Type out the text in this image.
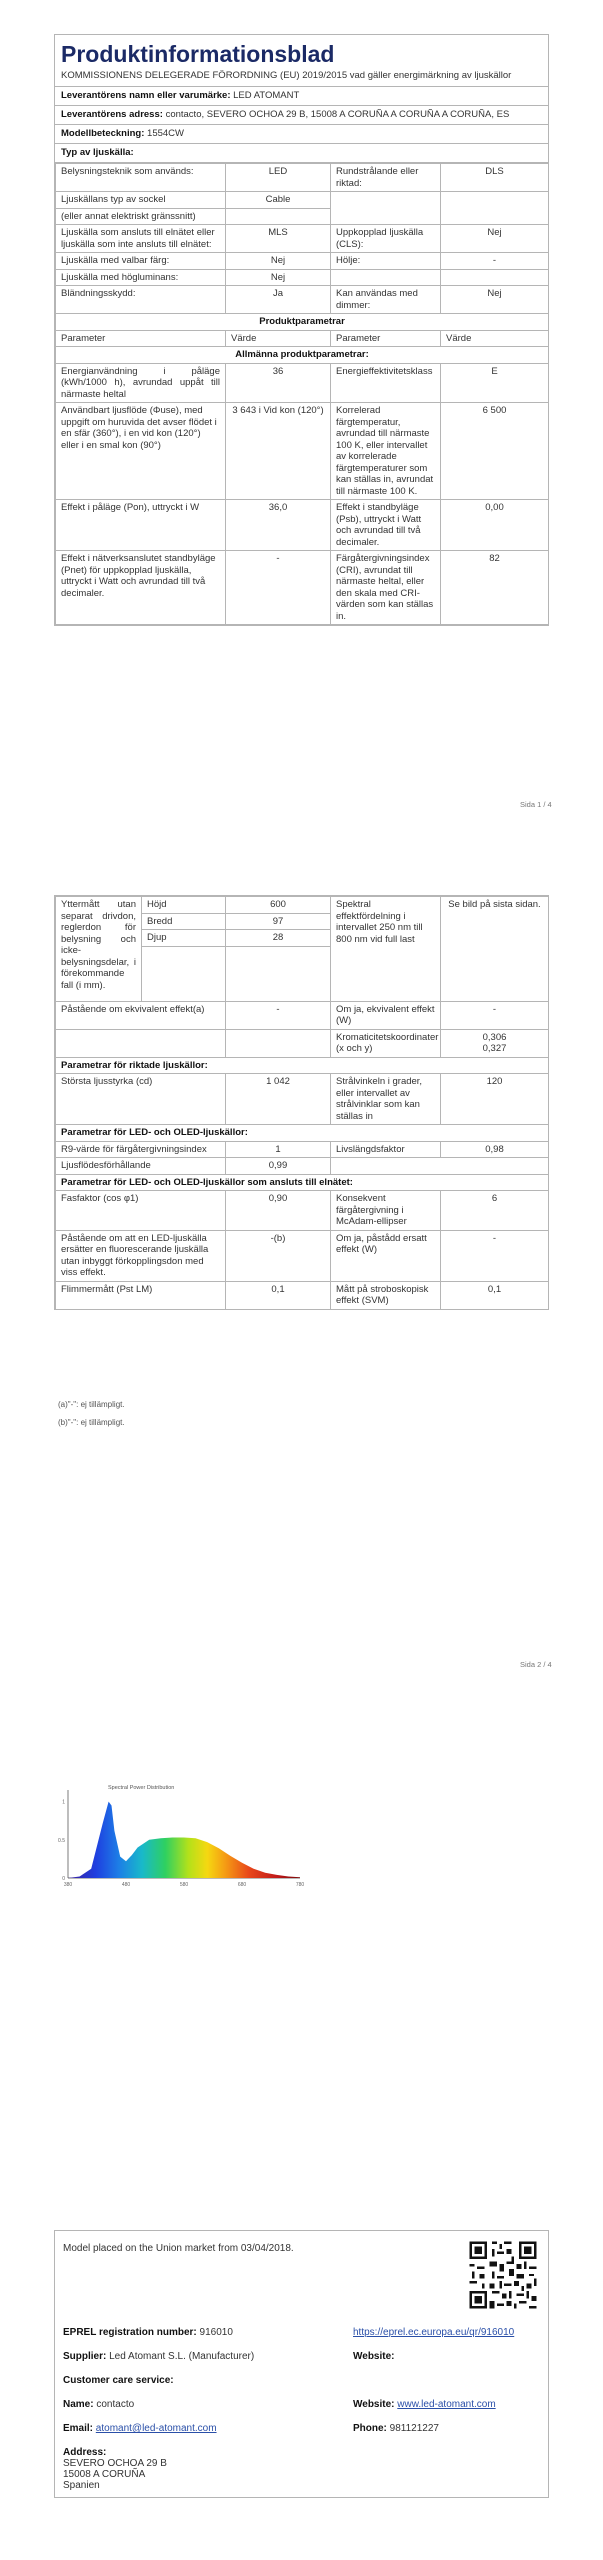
Produktinformationsblad
KOMMISSIONENS DELEGERADE FÖRORDNING (EU) 2019/2015 vad gäller energimärkning av ljuskällor
Leverantörens namn eller varumärke: LED ATOMANT
Leverantörens adress: contacto, SEVERO OCHOA 29 B, 15008 A CORUÑA A CORUÑA A CORUÑA, ES
Modellbeteckning: 1554CW
Typ av ljuskälla:
Belysningsteknik som används:	LED	Rundstrålande eller riktad:	DLS
Ljuskällans typ av sockel	Cable		
(eller annat elektriskt gränssnitt)			
Ljuskälla som ansluts till elnätet eller ljuskälla som inte ansluts till elnätet:	MLS	Uppkopplad ljuskälla (CLS):	Nej
Ljuskälla med valbar färg:	Nej	Hölje:	-
Ljuskälla med högluminans:	Nej		
Bländningsskydd:	Ja	Kan användas med dimmer:	Nej
Produktparametrar			
Parameter	Värde	Parameter	Värde
Allmänna produktparametrar:			
Energianvändning i påläge (kWh/1000 h), avrundad uppåt till närmaste heltal	36	Energieffektivitetsklass	E
Användbart ljusflöde (Φuse), med uppgift om huruvida det avser flödet i en sfär (360°), i en vid kon (120°) eller i en smal kon (90°)	3 643 i Vid kon (120°)	Korrelerad färgtemperatur, avrundad till närmaste 100 K, eller intervallet av korrelerade färgtemperaturer som kan ställas in, avrundat till närmaste 100 K.	6 500
Effekt i påläge (Pon), uttryckt i W	36,0	Effekt i standbyläge (Psb), uttryckt i Watt och avrundad till två decimaler.	0,00
Effekt i nätverksanslutet standbyläge (Pnet) för uppkopplad ljuskälla, uttryckt i Watt och avrundad till två decimaler.	-	Färgåtergivningsindex (CRI), avrundat till närmaste heltal, eller den skala med CRI-värden som kan ställas in.	82
Sida 1 / 4
Yttermått utan separat drivdon, reglerdon för belysning och icke-belysningsdelar, i förekommande fall (i mm).	Höjd	600	Spektral effektfördelning i intervallet 250 nm till 800 nm vid full last	Se bild på sista sidan.
	Bredd	97		
	Djup	28		

Påstående om ekvivalent effekt(a)		-	Om ja, ekvivalent effekt (W)	-
			Kromaticitetskoordinater (x och y)	0,306
0,327
Parametrar för riktade ljuskällor:				
Största ljusstyrka (cd)		1 042	Strålvinkeln i grader, eller intervallet av strålvinklar som kan ställas in	120
Parametrar för LED- och OLED-ljuskällor:				
R9-värde för färgåtergivningsindex		1	Livslängdsfaktor	0,98
Ljusflödesförhållande		0,99		
Parametrar för LED- och OLED-ljuskällor som ansluts till elnätet:				
Fasfaktor (cos φ1)		0,90	Konsekvent färgåtergivning i McAdam-ellipser	6
Påstående om att en LED-ljuskälla ersätter en fluorescerande ljuskälla utan inbyggt förkopplingsdon med viss effekt.		-(b)	Om ja, påstådd ersatt effekt (W)	-
Flimmermått (Pst LM)		0,1	Mått på stroboskopisk effekt (SVM)	0,1
(a)"-": ej tillämpligt.
(b)"-": ej tillämpligt.
Sida 2 / 4
Spectral Power Distribution
380	480	580	680	780
0
0.5
1
Model placed on the Union market from 03/04/2018.
EPREL registration number: 916010	https://eprel.ec.europa.eu/qr/916010
Supplier: Led Atomant S.L. (Manufacturer)	Website:
Customer care service:
Name: contacto	Website: www.led-atomant.com
Email: atomant@led-atomant.com	Phone: 981121227
Address:
SEVERO OCHOA 29 B
15008 A CORUÑA
Spanien
